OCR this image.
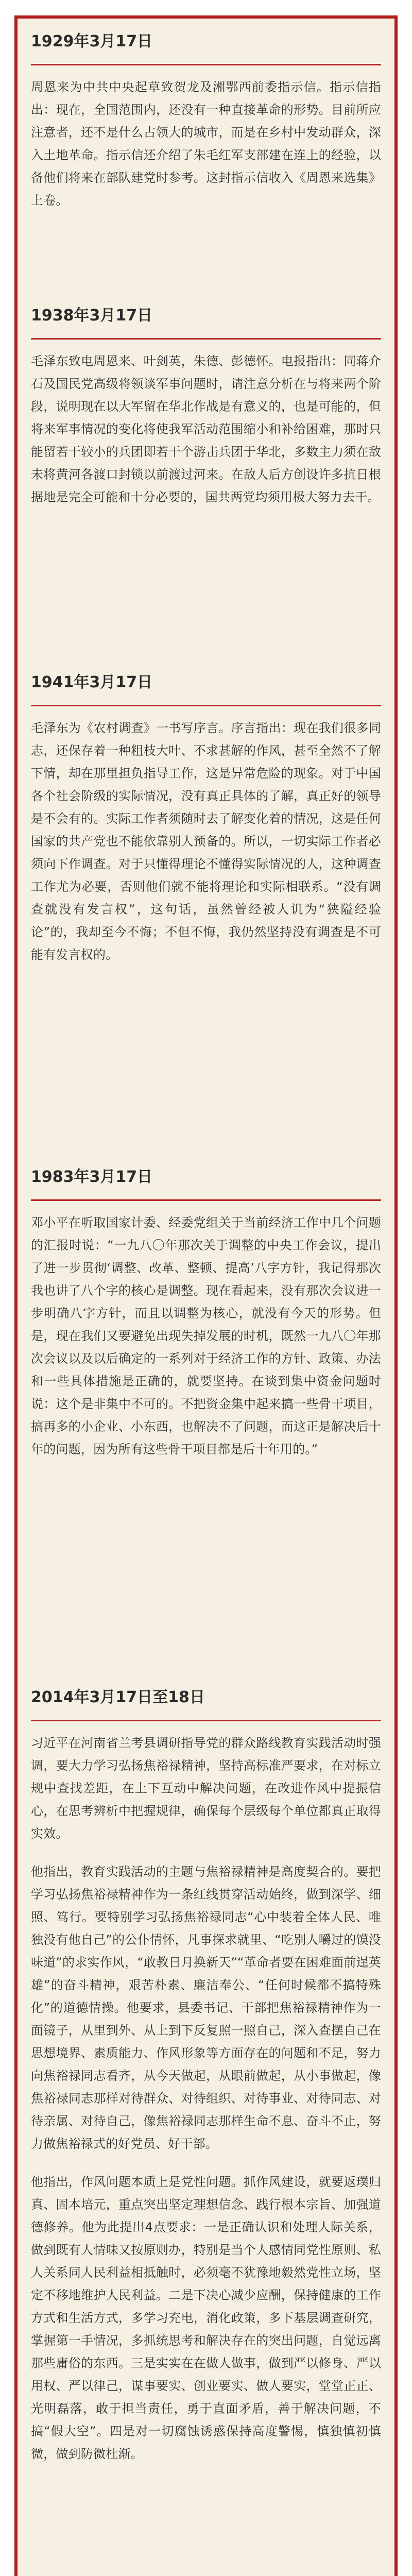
1929年3月17日

周恩来为中共中央起草致贺龙及湘鄂西前委指示信。指示信指出：现在，全国范围内，还没有一种直接革命的形势。目前所应注意者，还不是什么占领大的城市，而是在乡村中发动群众，深入土地革命。指示信还介绍了朱毛红军支部建在连上的经验，以备他们将来在部队建党时参考。这封指示信收入《周恩来选集》上卷。

1938年3月17日

毛泽东致电周恩来、叶剑英，朱德、彭德怀。电报指出：同蒋介石及国民党高级将领谈军事问题时，请注意分析在与将来两个阶段，说明现在以大军留在华北作战是有意义的，也是可能的，但将来军事情况的变化将使我军活动范围缩小和补给困难，那时只能留若干较小的兵团即若干个游击兵团于华北，多数主力须在敌未将黄河各渡口封锁以前渡过河来。在敌人后方创设许多抗日根据地是完全可能和十分必要的，国共两党均须用极大努力去干。

1941年3月17日

毛泽东为《农村调查》一书写序言。序言指出：现在我们很多同志，还保存着一种粗枝大叶、不求甚解的作风，甚至全然不了解下情，却在那里担负指导工作，这是异常危险的现象。对于中国各个社会阶级的实际情况，没有真正具体的了解，真正好的领导是不会有的。实际工作者须随时去了解变化着的情况，这是任何国家的共产党也不能依靠别人预备的。所以，一切实际工作者必须向下作调查。对于只懂得理论不懂得实际情况的人，这种调查工作尤为必要，否则他们就不能将理论和实际相联系。“没有调查就没有发言权”，这句话，虽然曾经被人讥为“狭隘经验论”的，我却至今不悔；不但不悔，我仍然坚持没有调查是不可能有发言权的。

1983年3月17日

邓小平在听取国家计委、经委党组关于当前经济工作中几个问题的汇报时说：“一九八〇年那次关于调整的中央工作会议，提出了进一步贯彻‘调整、改革、整顿、提高’八字方针，我记得那次我也讲了八个字的核心是调整。现在看起来，没有那次会议进一步明确八字方针，而且以调整为核心，就没有今天的形势。但是，现在我们又要避免出现失掉发展的时机，既然一九八〇年那次会议以及以后确定的一系列对于经济工作的方针、政策、办法和一些具体措施是正确的，就要坚持。在谈到集中资金问题时说：这个是非集中不可的。不把资金集中起来搞一些骨干项目，搞再多的小企业、小东西，也解决不了问题，而这正是解决后十年的问题，因为所有这些骨干项目都是后十年用的。”

2014年3月17日至18日

习近平在河南省兰考县调研指导党的群众路线教育实践活动时强调，要大力学习弘扬焦裕禄精神，坚持高标准严要求，在对标立规中查找差距，在上下互动中解决问题，在改进作风中提振信心，在思考辨析中把握规律，确保每个层级每个单位都真正取得实效。

他指出，教育实践活动的主题与焦裕禄精神是高度契合的。要把学习弘扬焦裕禄精神作为一条红线贯穿活动始终，做到深学、细照、笃行。要特别学习弘扬焦裕禄同志“心中装着全体人民、唯独没有他自己”的公仆情怀，凡事探求就里、“吃别人嚼过的馍没味道”的求实作风，“敢教日月换新天”“革命者要在困难面前逞英雄”的奋斗精神，艰苦朴素、廉洁奉公、“任何时候都不搞特殊化”的道德情操。他要求，县委书记、干部把焦裕禄精神作为一面镜子，从里到外、从上到下反复照一照自己，深入查摆自己在思想境界、素质能力、作风形象等方面存在的问题和不足，努力向焦裕禄同志看齐，从今天做起，从眼前做起，从小事做起，像焦裕禄同志那样对待群众、对待组织、对待事业、对待同志、对待亲属、对待自己，像焦裕禄同志那样生命不息、奋斗不止，努力做焦裕禄式的好党员、好干部。

他指出，作风问题本质上是党性问题。抓作风建设，就要返璞归真、固本培元，重点突出坚定理想信念、践行根本宗旨、加强道德修养。他为此提出4点要求：一是正确认识和处理人际关系，做到既有人情味又按原则办，特别是当个人感情同党性原则、私人关系同人民利益相抵触时，必须毫不犹豫地毅然党性立场，坚定不移地维护人民利益。二是下决心减少应酬，保持健康的工作方式和生活方式，多学习充电，消化政策，多下基层调查研究，掌握第一手情况，多抓统思考和解决存在的突出问题，自觉远离那些庸俗的东西。三是实实在在做人做事，做到严以修身、严以用权、严以律己，谋事要实、创业要实、做人要实，堂堂正正、光明磊落，敢于担当责任，勇于直面矛盾，善于解决问题，不搞“假大空”。四是对一切腐蚀诱惑保持高度警惕，慎独慎初慎微，做到防微杜渐。
